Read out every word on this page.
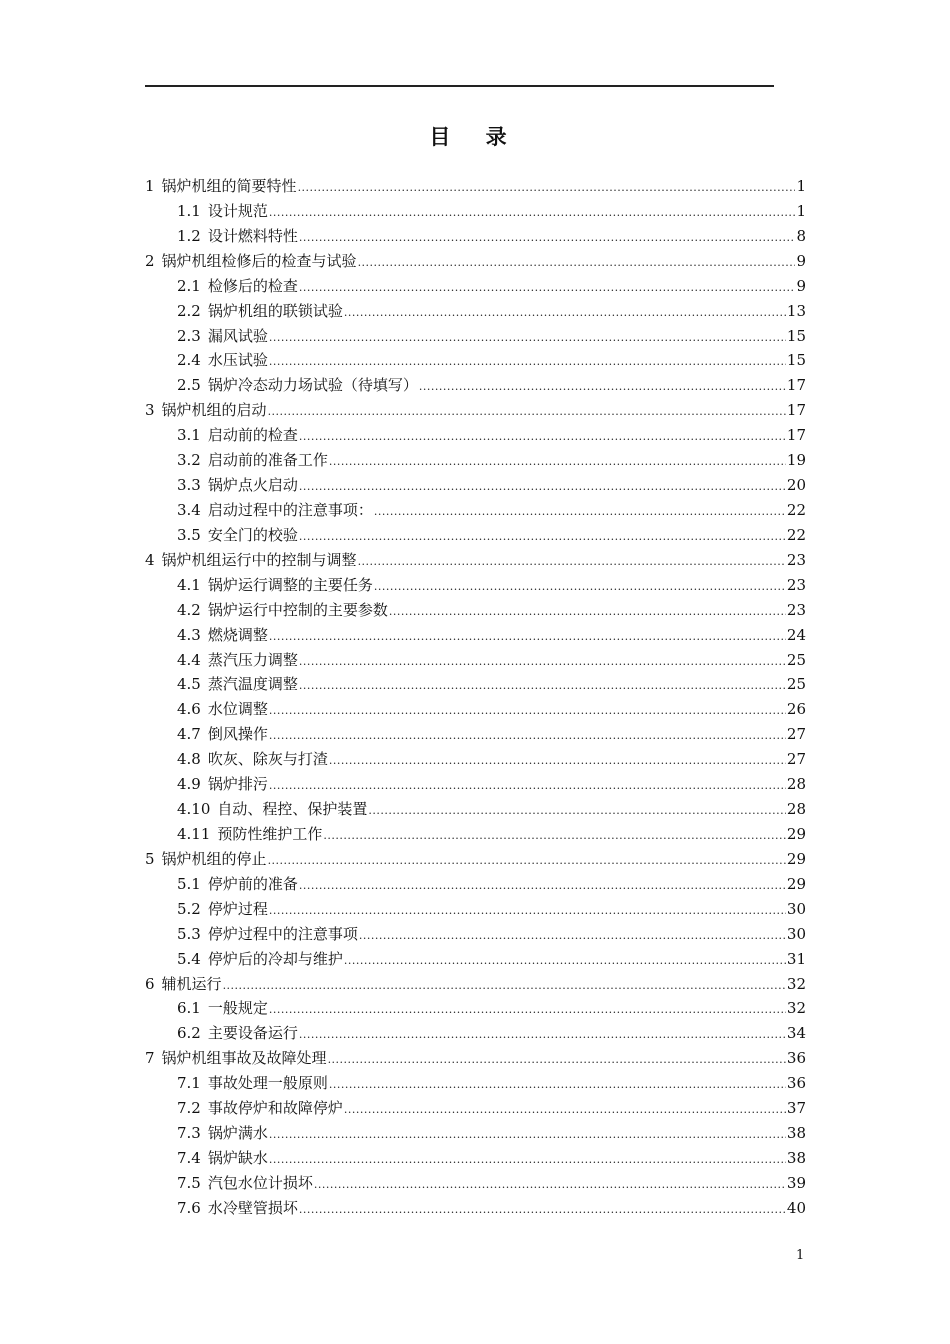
目 录
1 锅炉机组的简要特性 .....	1
1.1 设计规范 .....	1
1.2 设计燃料特性 .....	8
2 锅炉机组检修后的检查与试验 .....	9
2.1 检修后的检查 .....	9
2.2 锅炉机组的联锁试验 .....	13
2.3 漏风试验 .....	15
2.4 水压试验 .....	15
2.5 锅炉冷态动力场试验（待填写） .....	17
3 锅炉机组的启动 .....	17
3.1 启动前的检查 .....	17
3.2 启动前的准备工作 .....	19
3.3 锅炉点火启动 .....	20
3.4 启动过程中的注意事项： .....	22
3.5 安全门的校验 .....	22
4 锅炉机组运行中的控制与调整 .....	23
4.1 锅炉运行调整的主要任务 .....	23
4.2 锅炉运行中控制的主要参数 .....	23
4.3 燃烧调整 .....	24
4.4 蒸汽压力调整 .....	25
4.5 蒸汽温度调整 .....	25
4.6 水位调整 .....	26
4.7 倒风操作 .....	27
4.8 吹灰、除灰与打渣 .....	27
4.9 锅炉排污 .....	28
4.10 自动、程控、保护装置 .....	28
4.11 预防性维护工作 .....	29
5 锅炉机组的停止 .....	29
5.1 停炉前的准备 .....	29
5.2 停炉过程 .....	30
5.3 停炉过程中的注意事项 .....	30
5.4 停炉后的冷却与维护 .....	31
6 辅机运行 .....	32
6.1 一般规定 .....	32
6.2 主要设备运行 .....	34
7 锅炉机组事故及故障处理 .....	36
7.1 事故处理一般原则 .....	36
7.2 事故停炉和故障停炉 .....	37
7.3 锅炉满水 .....	38
7.4 锅炉缺水 .....	38
7.5 汽包水位计损坏 .....	39
7.6 水冷壁管损坏 .....	40
1
